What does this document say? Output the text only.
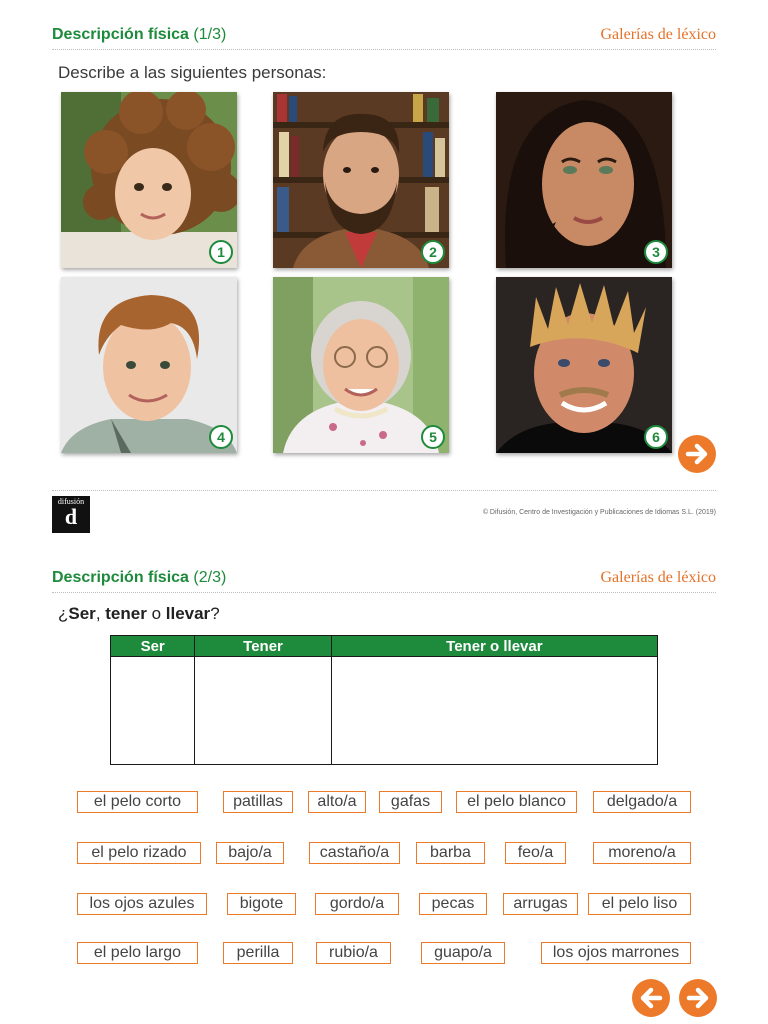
Descripción física (1/3)	Galerías de léxico
Describe a las siguientes personas:
1	2	3
4	5	6
difusión
d	© Difusión, Centro de Investigación y Publicaciones de Idiomas S.L. (2019)
Descripción física (2/3)	Galerías de léxico
¿Ser, tener o llevar?
Ser	Tener	Tener o llevar

el pelo corto	patillas	alto/a	gafas	el pelo blanco	delgado/a
el pelo rizado	bajo/a	castaño/a	barba	feo/a	moreno/a
los ojos azules	bigote	gordo/a	pecas	arrugas	el pelo liso
el pelo largo	perilla	rubio/a	guapo/a	los ojos marrones
